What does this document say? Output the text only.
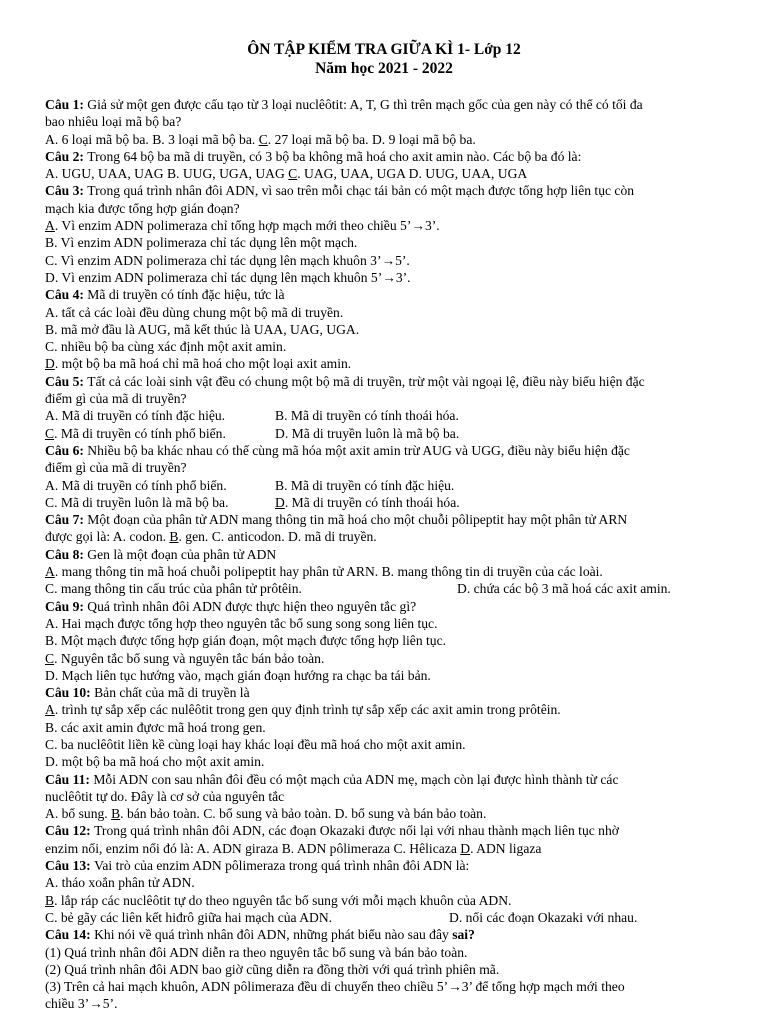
ÔN TẬP KIỂM TRA GIỮA KÌ 1- Lớp 12
Năm học 2021 - 2022
Câu 1: Giả sử một gen được cấu tạo từ 3 loại nuclêôtit: A, T, G thì trên mạch gốc của gen này có thể có tối đa
bao nhiêu loại mã bộ ba?
A. 6 loại mã bộ ba. B. 3 loại mã bộ ba. C. 27 loại mã bộ ba. D. 9 loại mã bộ ba.
Câu 2: Trong 64 bộ ba mã di truyền, có 3 bộ ba không mã hoá cho axit amin nào. Các bộ ba đó là:
A. UGU, UAA, UAG B. UUG, UGA, UAG C. UAG, UAA, UGA D. UUG, UAA, UGA
Câu 3: Trong quá trình nhân đôi ADN, vì sao trên mỗi chạc tái bản có một mạch được tổng hợp liên tục còn
mạch kia được tổng hợp gián đoạn?
A. Vì enzim ADN polimeraza chỉ tổng hợp mạch mới theo chiều 5’→3’.
B. Vì enzim ADN polimeraza chỉ tác dụng lên một mạch.
C. Vì enzim ADN polimeraza chỉ tác dụng lên mạch khuôn 3’→5’.
D. Vì enzim ADN polimeraza chỉ tác dụng lên mạch khuôn 5’→3’.
Câu 4: Mã di truyền có tính đặc hiệu, tức là
A. tất cả các loài đều dùng chung một bộ mã di truyền.
B. mã mở đầu là AUG, mã kết thúc là UAA, UAG, UGA.
C. nhiều bộ ba cùng xác định một axit amin.
D. một bộ ba mã hoá chỉ mã hoá cho một loại axit amin.
Câu 5: Tất cả các loài sinh vật đều có chung một bộ mã di truyền, trừ một vài ngoại lệ, điều này biểu hiện đặc
điểm gì của mã di truyền?
A. Mã di truyền có tính đặc hiệu.	B. Mã di truyền có tính thoái hóa.
C. Mã di truyền có tính phổ biến.	D. Mã di truyền luôn là mã bộ ba.
Câu 6: Nhiều bộ ba khác nhau có thể cùng mã hóa một axit amin trừ AUG và UGG, điều này biểu hiện đặc
điểm gì của mã di truyền?
A. Mã di truyền có tính phổ biến.	B. Mã di truyền có tính đặc hiệu.
C. Mã di truyền luôn là mã bộ ba.	D. Mã di truyền có tính thoái hóa.
Câu 7: Một đoạn của phân tử ADN mang thông tin mã hoá cho một chuỗi pôlipeptit hay một phân tử ARN
được gọi là: A. codon. B. gen. C. anticodon. D. mã di truyền.
Câu 8: Gen là một đoạn của phân tử ADN
A. mang thông tin mã hoá chuỗi polipeptit hay phân tử ARN. B. mang thông tin di truyền của các loài.
C. mang thông tin cấu trúc của phân tử prôtêin.	D. chứa các bộ 3 mã hoá các axit amin.
Câu 9: Quá trình nhân đôi ADN được thực hiện theo nguyên tắc gì?
A. Hai mạch được tổng hợp theo nguyên tắc bổ sung song song liên tục.
B. Một mạch được tổng hợp gián đoạn, một mạch được tổng hợp liên tục.
C. Nguyên tắc bổ sung và nguyên tắc bán bảo toàn.
D. Mạch liên tục hướng vào, mạch gián đoạn hướng ra chạc ba tái bản.
Câu 10: Bản chất của mã di truyền là
A. trình tự sắp xếp các nulêôtit trong gen quy định trình tự sắp xếp các axit amin trong prôtêin.
B. các axit amin đựơc mã hoá trong gen.
C. ba nuclêôtit liền kề cùng loại hay khác loại đều mã hoá cho một axit amin.
D. một bộ ba mã hoá cho một axit amin.
Câu 11: Mỗi ADN con sau nhân đôi đều có một mạch của ADN mẹ, mạch còn lại được hình thành từ các
nuclêôtit tự do. Đây là cơ sở của nguyên tắc
A. bổ sung. B. bán bảo toàn. C. bổ sung và bảo toàn. D. bổ sung và bán bảo toàn.
Câu 12: Trong quá trình nhân đôi ADN, các đoạn Okazaki được nối lại với nhau thành mạch liên tục nhờ
enzim nối, enzim nối đó là: A. ADN giraza B. ADN pôlimeraza C. Hêlicaza D. ADN ligaza
Câu 13: Vai trò của enzim ADN pôlimeraza trong quá trình nhân đôi ADN là:
A. tháo xoắn phân tử ADN.
B. lắp ráp các nuclêôtit tự do theo nguyên tắc bổ sung với mỗi mạch khuôn của ADN.
C. bẻ gãy các liên kết hiđrô giữa hai mạch của ADN.	D. nối các đoạn Okazaki với nhau.
Câu 14: Khi nói về quá trình nhân đôi ADN, những phát biểu nào sau đây sai?
(1) Quá trình nhân đôi ADN diễn ra theo nguyên tắc bổ sung và bán bảo toàn.
(2) Quá trình nhân đôi ADN bao giờ cũng diễn ra đồng thời với quá trình phiên mã.
(3) Trên cả hai mạch khuôn, ADN pôlimeraza đều di chuyển theo chiều 5’→3’ để tổng hợp mạch mới theo
chiều 3’→5’.
